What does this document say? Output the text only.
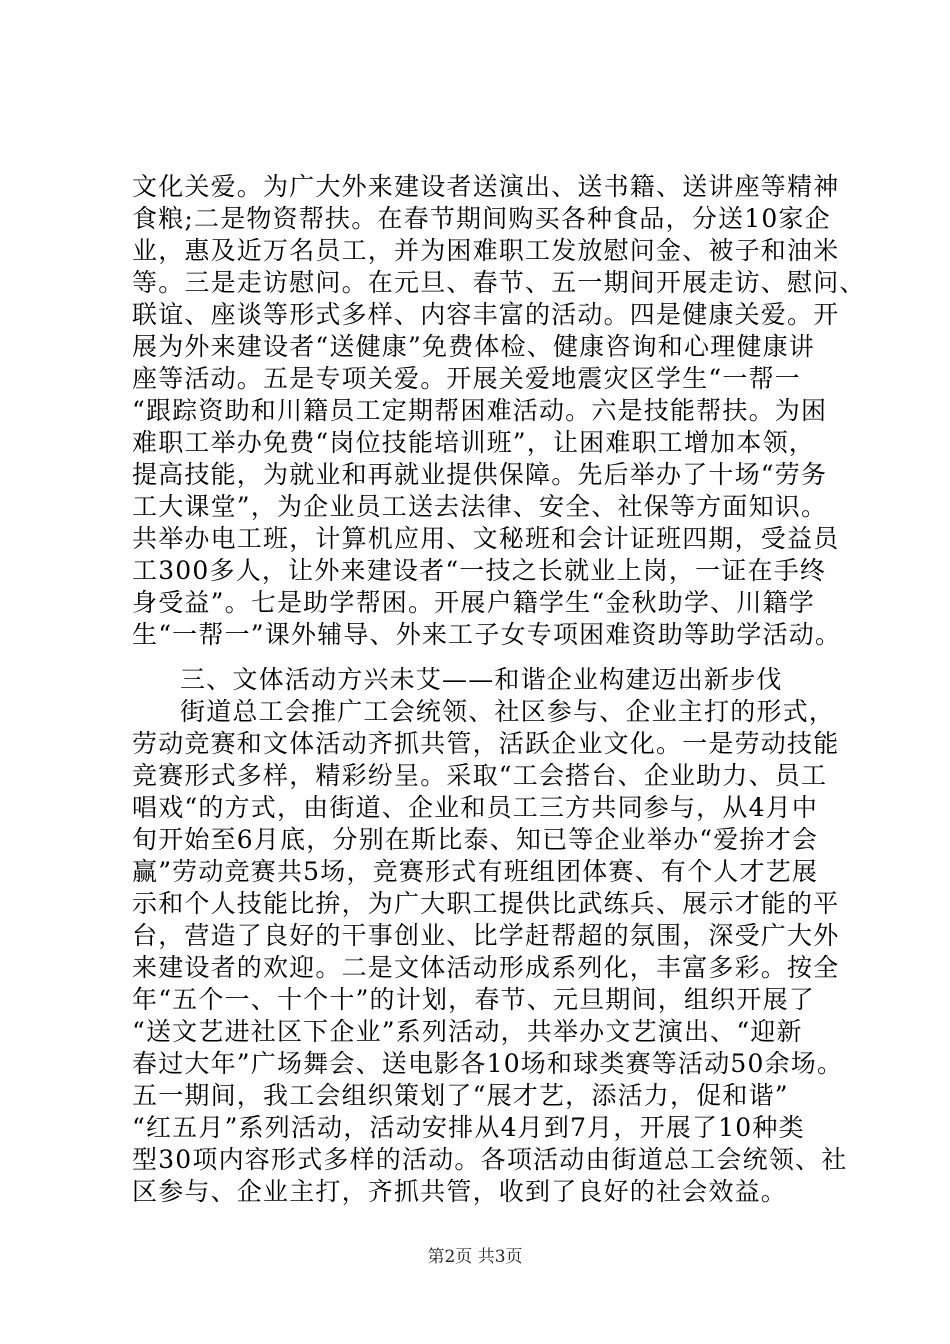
文化关爱。为广大外来建设者送演出、送书籍、送讲座等精神
食粮;二是物资帮扶。在春节期间购买各种食品，分送10家企
业，惠及近万名员工，并为困难职工发放慰问金、被子和油米
等。三是走访慰问。在元旦、春节、五一期间开展走访、慰问、
联谊、座谈等形式多样、内容丰富的活动。四是健康关爱。开
展为外来建设者“送健康”免费体检、健康咨询和心理健康讲
座等活动。五是专项关爱。开展关爱地震灾区学生“一帮一
“跟踪资助和川籍员工定期帮困难活动。六是技能帮扶。为困
难职工举办免费“岗位技能培训班”，让困难职工增加本领，
提高技能，为就业和再就业提供保障。先后举办了十场“劳务
工大课堂”，为企业员工送去法律、安全、社保等方面知识。
共举办电工班，计算机应用、文秘班和会计证班四期，受益员
工300多人，让外来建设者“一技之长就业上岗，一证在手终
身受益”。七是助学帮困。开展户籍学生“金秋助学、川籍学
生“一帮一”课外辅导、外来工子女专项困难资助等助学活动。
三、文体活动方兴未艾——和谐企业构建迈出新步伐
街道总工会推广工会统领、社区参与、企业主打的形式，
劳动竞赛和文体活动齐抓共管，活跃企业文化。一是劳动技能
竞赛形式多样，精彩纷呈。采取“工会搭台、企业助力、员工
唱戏“的方式，由街道、企业和员工三方共同参与，从4月中
旬开始至6月底，分别在斯比泰、知已等企业举办“爱拚才会
赢”劳动竞赛共5场，竞赛形式有班组团体赛、有个人才艺展
示和个人技能比拚，为广大职工提供比武练兵、展示才能的平
台，营造了良好的干事创业、比学赶帮超的氛围，深受广大外
来建设者的欢迎。二是文体活动形成系列化，丰富多彩。按全
年“五个一、十个十”的计划，春节、元旦期间，组织开展了
“送文艺进社区下企业”系列活动，共举办文艺演出、“迎新
春过大年”广场舞会、送电影各10场和球类赛等活动50余场。
五一期间，我工会组织策划了“展才艺，添活力，促和谐”
“红五月”系列活动，活动安排从4月到7月，开展了10种类
型30项内容形式多样的活动。各项活动由街道总工会统领、社
区参与、企业主打，齐抓共管，收到了良好的社会效益。
第2页 共3页
